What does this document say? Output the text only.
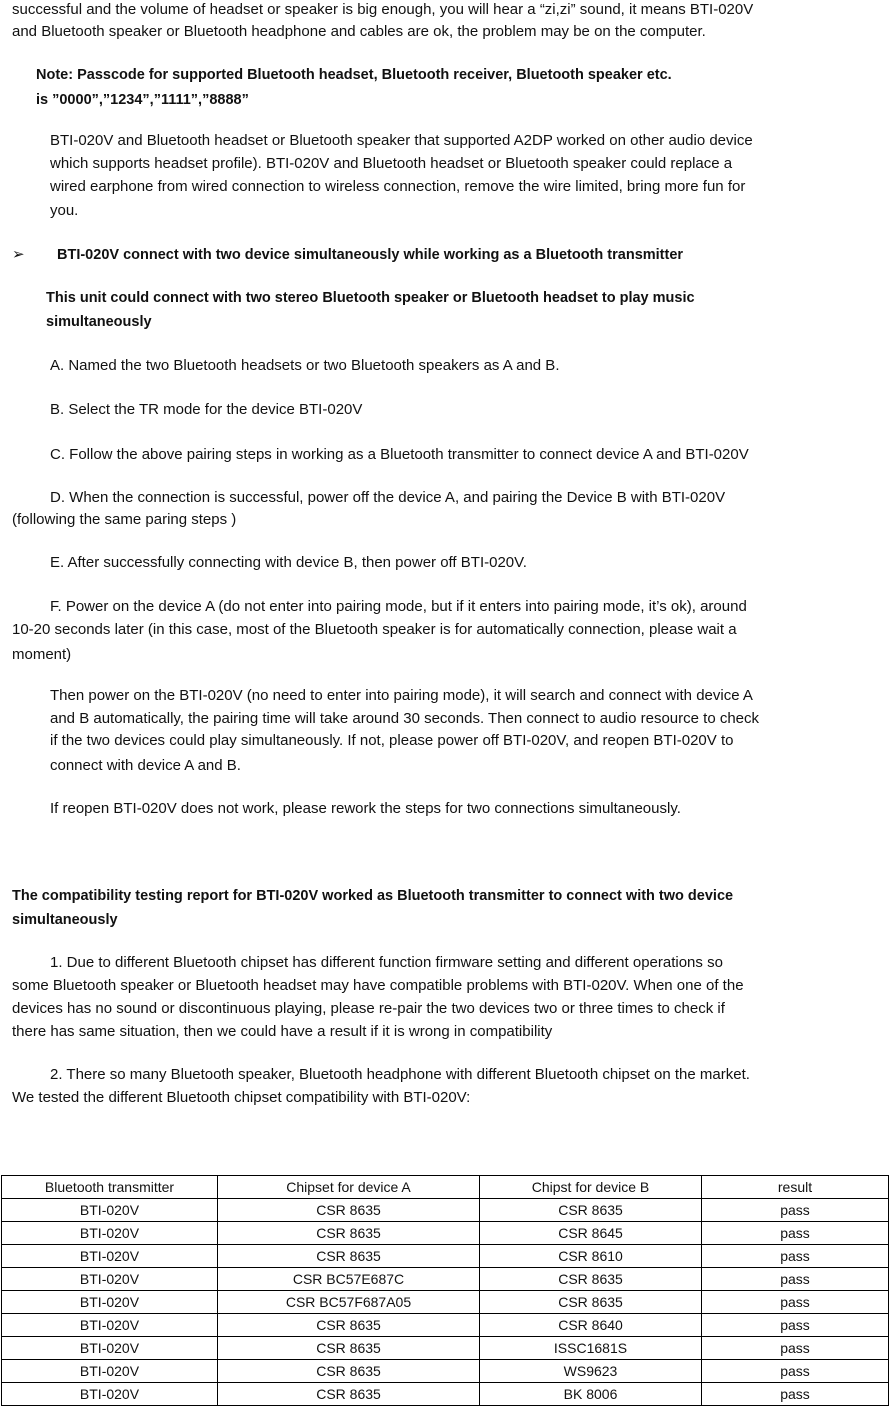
successful and the volume of headset or speaker is big enough, you will hear a “zi,zi” sound, it means BTI-020V
and Bluetooth speaker or Bluetooth headphone and cables are ok, the problem may be on the computer.
Note: Passcode for supported Bluetooth headset, Bluetooth receiver, Bluetooth speaker etc.
is ”0000”,”1234”,”1111”,”8888”
BTI-020V and Bluetooth headset or Bluetooth speaker that supported A2DP worked on other audio device
which supports headset profile). BTI-020V and Bluetooth headset or Bluetooth speaker could replace a
wired earphone from wired connection to wireless connection, remove the wire limited, bring more fun for
you.
➢ BTI-020V connect with two device simultaneously while working as a Bluetooth transmitter
This unit could connect with two stereo Bluetooth speaker or Bluetooth headset to play music
simultaneously
A. Named the two Bluetooth headsets or two Bluetooth speakers as A and B.
B. Select the TR mode for the device BTI-020V
C. Follow the above pairing steps in working as a Bluetooth transmitter to connect device A and BTI-020V
D. When the connection is successful, power off the device A, and pairing the Device B with BTI-020V
(following the same paring steps )
E. After successfully connecting with device B, then power off BTI-020V.
F. Power on the device A (do not enter into pairing mode, but if it enters into pairing mode, it’s ok), around
10-20 seconds later (in this case, most of the Bluetooth speaker is for automatically connection, please wait a
moment)
Then power on the BTI-020V (no need to enter into pairing mode), it will search and connect with device A
and B automatically, the pairing time will take around 30 seconds. Then connect to audio resource to check
if the two devices could play simultaneously. If not, please power off BTI-020V, and reopen BTI-020V to
connect with device A and B.
If reopen BTI-020V does not work, please rework the steps for two connections simultaneously.
The compatibility testing report for BTI-020V worked as Bluetooth transmitter to connect with two device
simultaneously
1. Due to different Bluetooth chipset has different function firmware setting and different operations so
some Bluetooth speaker or Bluetooth headset may have compatible problems with BTI-020V. When one of the
devices has no sound or discontinuous playing, please re-pair the two devices two or three times to check if
there has same situation, then we could have a result if it is wrong in compatibility
2. There so many Bluetooth speaker, Bluetooth headphone with different Bluetooth chipset on the market.
We tested the different Bluetooth chipset compatibility with BTI-020V:
Bluetooth transmitter	Chipset for device A	Chipst for device B	result
BTI-020V	CSR 8635	CSR 8635	pass
BTI-020V	CSR 8635	CSR 8645	pass
BTI-020V	CSR 8635	CSR 8610	pass
BTI-020V	CSR BC57E687C	CSR 8635	pass
BTI-020V	CSR BC57F687A05	CSR 8635	pass
BTI-020V	CSR 8635	CSR 8640	pass
BTI-020V	CSR 8635	ISSC1681S	pass
BTI-020V	CSR 8635	WS9623	pass
BTI-020V	CSR 8635	BK 8006	pass
